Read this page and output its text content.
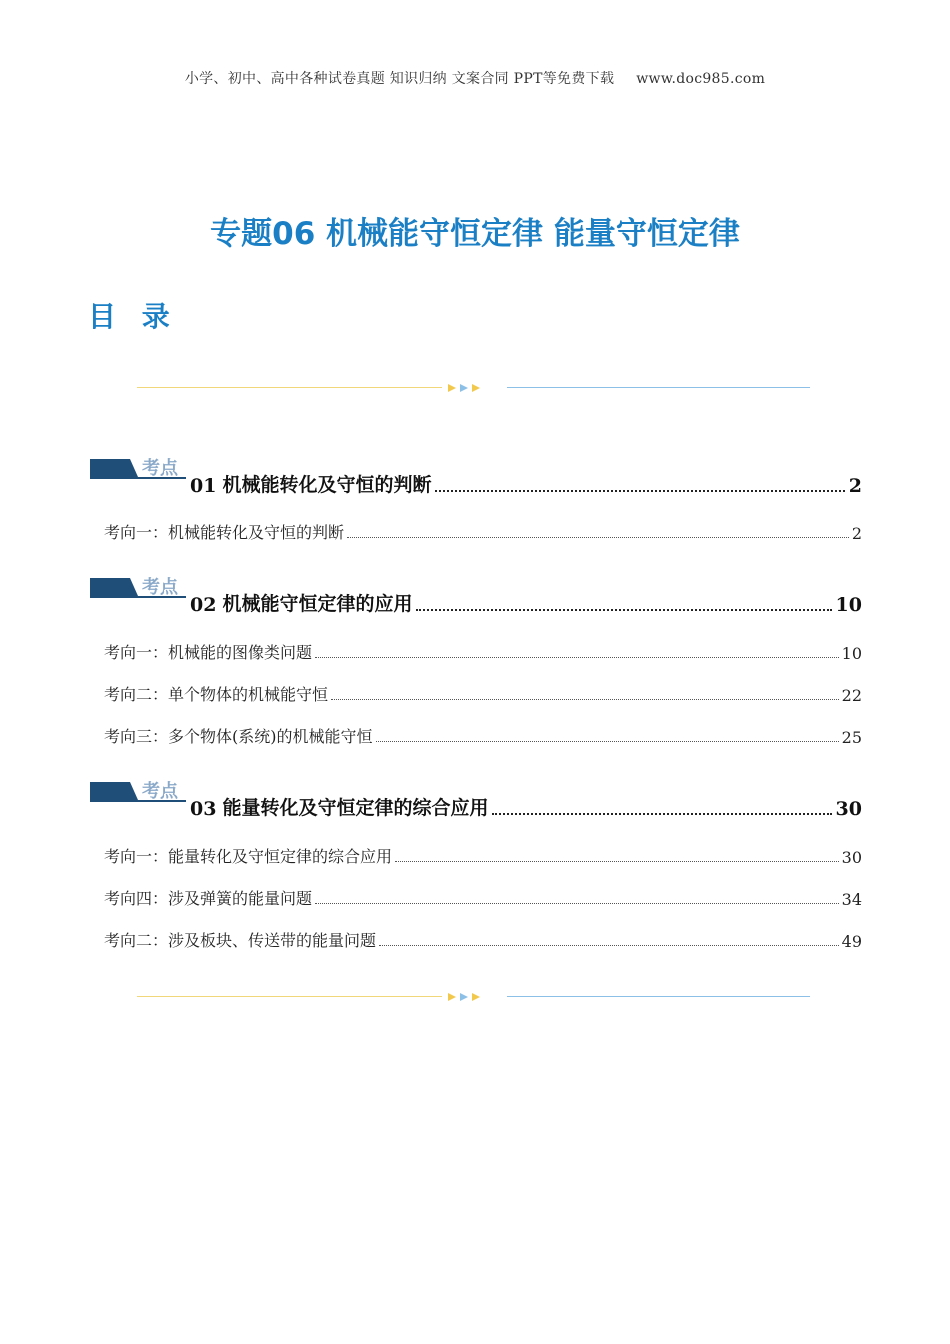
小学、初中、高中各种试卷真题 知识归纳 文案合同 PPT等免费下载 www.doc985.com
专题06 机械能守恒定律 能量守恒定律
目 录
考点
01 机械能转化及守恒的判断	2
考向一：机械能转化及守恒的判断	2
考点
02 机械能守恒定律的应用	10
考向一：机械能的图像类问题	10
考向二：单个物体的机械能守恒	22
考向三：多个物体(系统)的机械能守恒	25
考点
03 能量转化及守恒定律的综合应用	30
考向一：能量转化及守恒定律的综合应用	30
考向四：涉及弹簧的能量问题	34
考向二：涉及板块、传送带的能量问题	49
